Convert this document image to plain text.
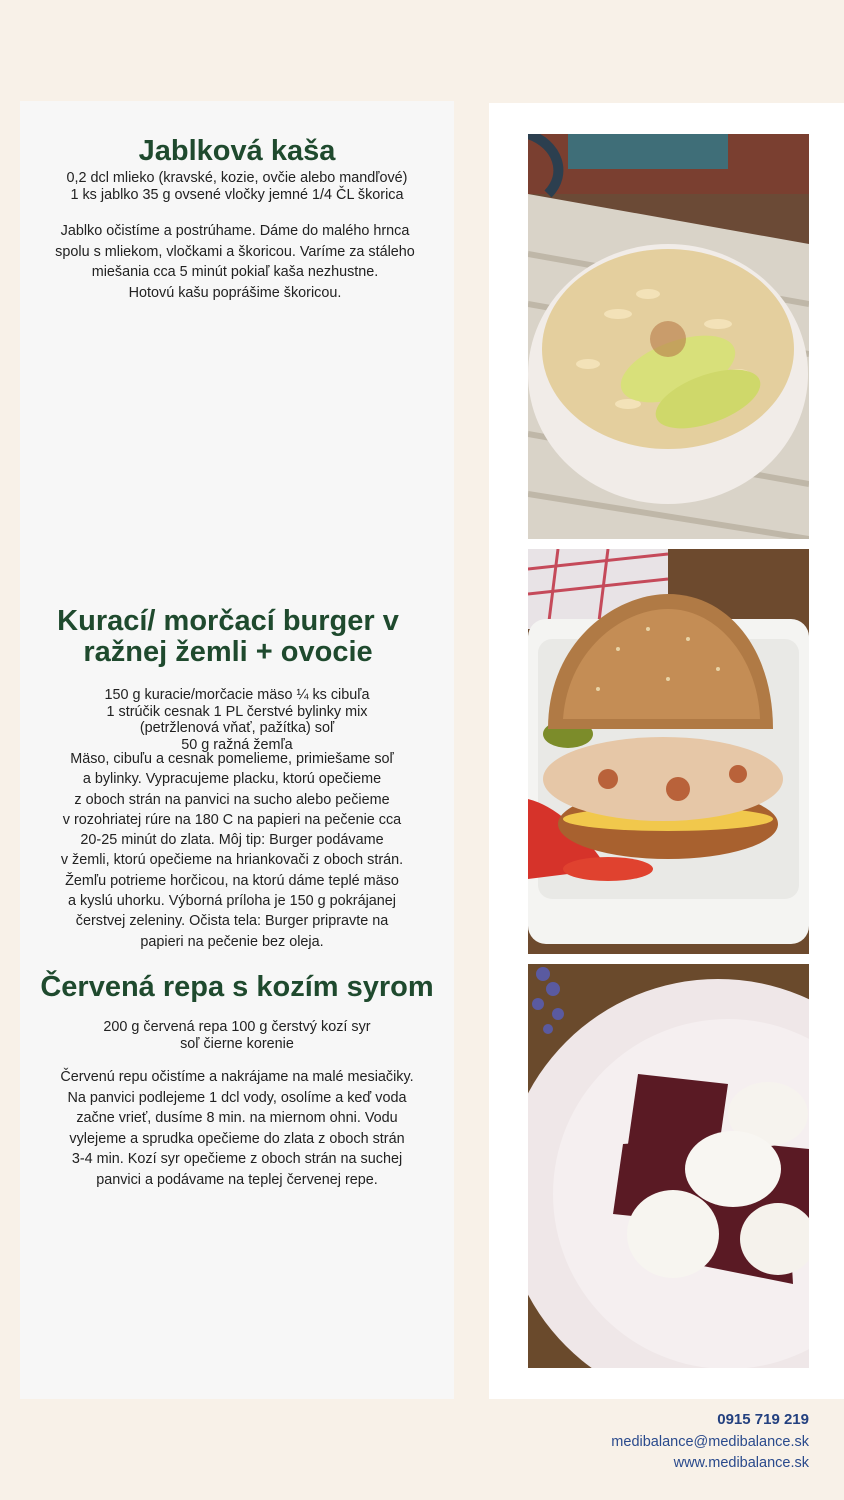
Jablková kaša

0,2 dcl mlieko (kravské, kozie, ovčie alebo mandľové)
1 ks jablko 35 g ovsené vločky jemné 1/4 ČL škorica

Jablko očistíme a postrúhame. Dáme do malého hrnca
spolu s mliekom, vločkami a škoricou. Varíme za stáleho
miešania cca 5 minút pokiaľ kaša nezhustne.
Hotovú kašu poprášime škoricou.

Kurací/ morčací burger v ražnej žemli + ovocie

150 g kuracie/morčacie mäso ¼ ks cibuľa
1 strúčik cesnak 1 PL čerstvé bylinky mix
(petržlenová vňať, pažítka) soľ
50 g ražná žemľa

Mäso, cibuľu a cesnak pomelieme, primiešame soľ
a bylinky. Vypracujeme placku, ktorú opečieme
z oboch strán na panvici na sucho alebo pečieme
v rozohriatej rúre na 180 C na papieri na pečenie cca
20-25 minút do zlata. Môj tip: Burger podávame
v žemli, ktorú opečieme na hriankovači z oboch strán.
Žemľu potrieme horčicou, na ktorú dáme teplé mäso
a kyslú uhorku. Výborná príloha je 150 g pokrájanej
čerstvej zeleniny. Očista tela: Burger pripravte na
papieri na pečenie bez oleja.

Červená repa s kozím syrom

200 g červená repa 100 g čerstvý kozí syr
soľ čierne korenie

Červenú repu očistíme a nakrájame na malé mesiačiky.
Na panvici podlejeme 1 dcl vody, osolíme a keď voda
začne vrieť, dusíme 8 min. na miernom ohni. Vodu
vylejeme a sprudka opečieme do zlata z oboch strán
3-4 min. Kozí syr opečieme z oboch strán na suchej
panvici a podávame na teplej červenej repe.

0915 719 219

medibalance@medibalance.sk

www.medibalance.sk
